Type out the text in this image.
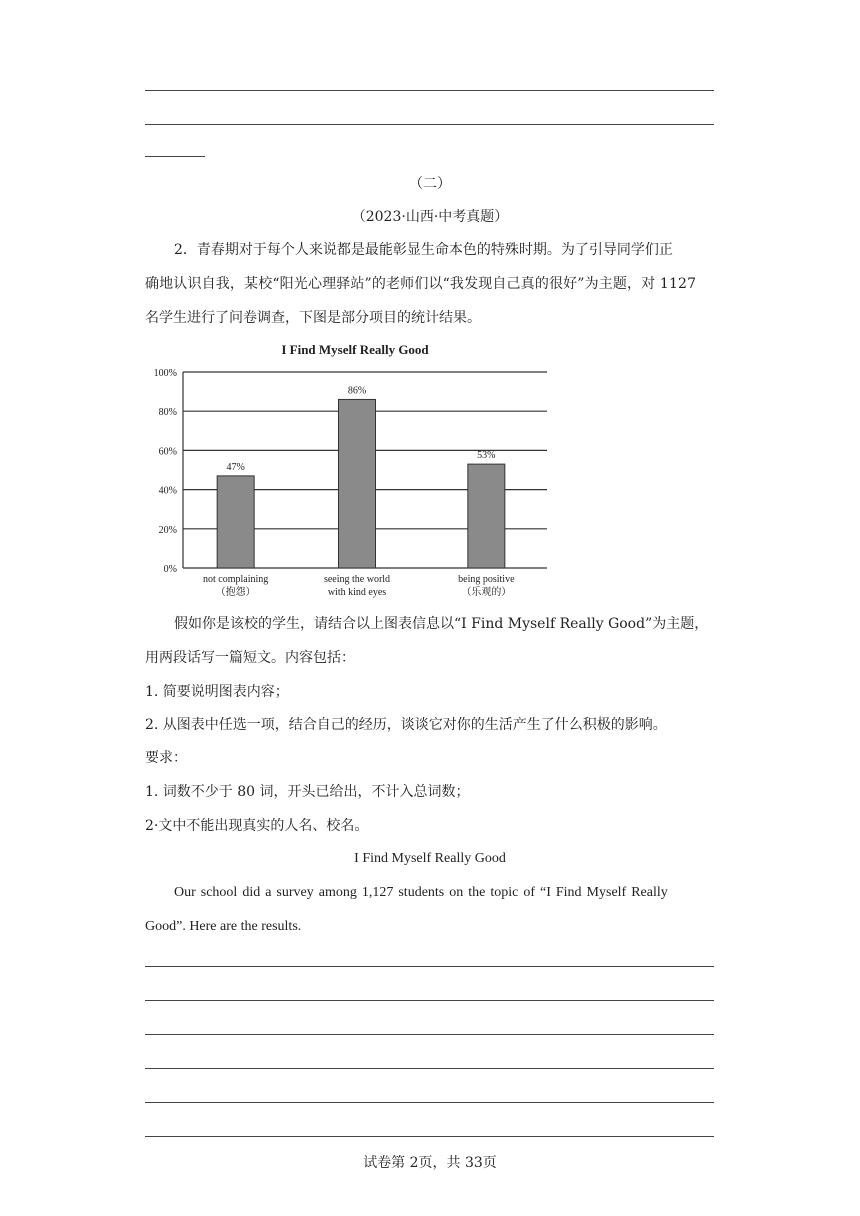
（二）
（2023·山西·中考真题）
2．青春期对于每个人来说都是最能彰显生命本色的特殊时期。为了引导同学们正
确地认识自我，某校“阳光心理驿站”的老师们以“我发现自己真的很好”为主题，对 1127
名学生进行了问卷调查，下图是部分项目的统计结果。
I Find Myself Really Good
0%
20%
40%
60%
80%
100%
47%
not complaining
（抱怨）
86%
seeing the world
with kind eyes
53%
being positive
（乐观的）
假如你是该校的学生，请结合以上图表信息以“I Find Myself Really Good”为主题，
用两段话写一篇短文。内容包括：
1. 简要说明图表内容；
2. 从图表中任选一项，结合自己的经历，谈谈它对你的生活产生了什么积极的影响。
要求：
1. 词数不少于 80 词，开头已给出，不计入总词数；
2·文中不能出现真实的人名、校名。
I Find Myself Really Good
Our school did a survey among 1,127 students on the topic of “I Find Myself Really
Good”. Here are the results.
试卷第 2页，共 33页
